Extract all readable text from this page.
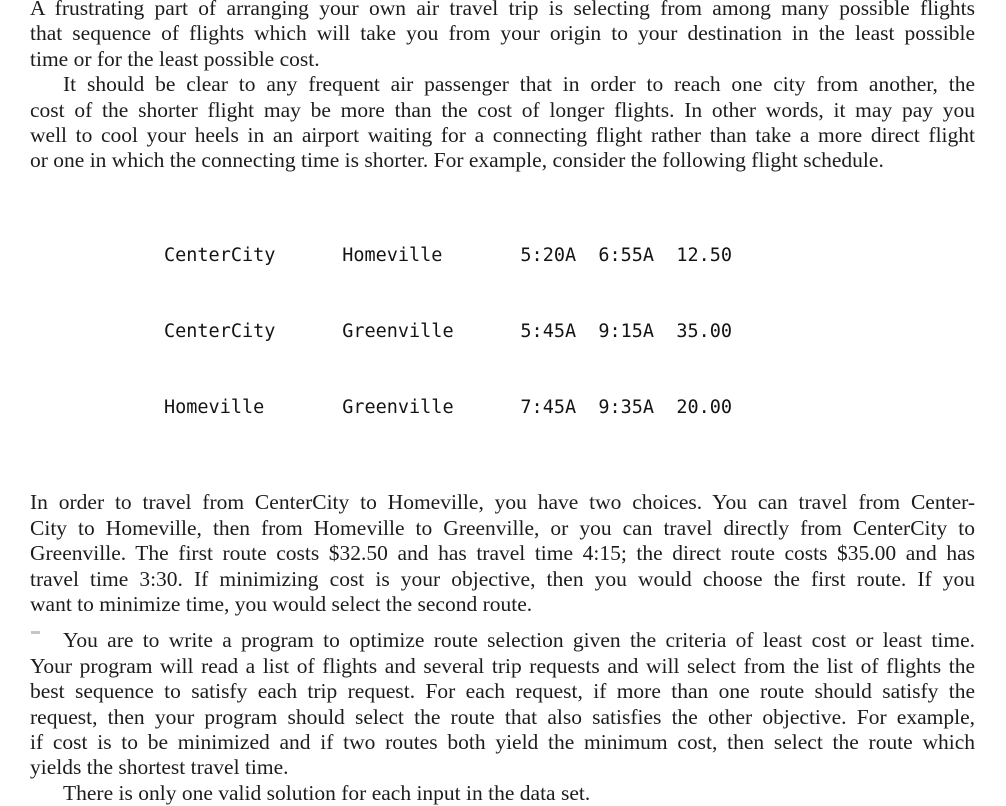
A frustrating part of arranging your own air travel trip is selecting from among many possible flights
that sequence of flights which will take you from your origin to your destination in the least possible
time or for the least possible cost.
It should be clear to any frequent air passenger that in order to reach one city from another, the
cost of the shorter flight may be more than the cost of longer flights. In other words, it may pay you
well to cool your heels in an airport waiting for a connecting flight rather than take a more direct flight
or one in which the connecting time is shorter. For example, consider the following flight schedule.

CenterCity      Homeville       5:20A  6:55A  12.50

CenterCity      Greenville      5:45A  9:15A  35.00

Homeville       Greenville      7:45A  9:35A  20.00

In order to travel from CenterCity to Homeville, you have two choices. You can travel from Center-
City to Homeville, then from Homeville to Greenville, or you can travel directly from CenterCity to
Greenville. The first route costs $32.50 and has travel time 4:15; the direct route costs $35.00 and has
travel time 3:30. If minimizing cost is your objective, then you would choose the first route. If you
want to minimize time, you would select the second route.
You are to write a program to optimize route selection given the criteria of least cost or least time.
Your program will read a list of flights and several trip requests and will select from the list of flights the
best sequence to satisfy each trip request. For each request, if more than one route should satisfy the
request, then your program should select the route that also satisfies the other objective. For example,
if cost is to be minimized and if two routes both yield the minimum cost, then select the route which
yields the shortest travel time.
There is only one valid solution for each input in the data set.
